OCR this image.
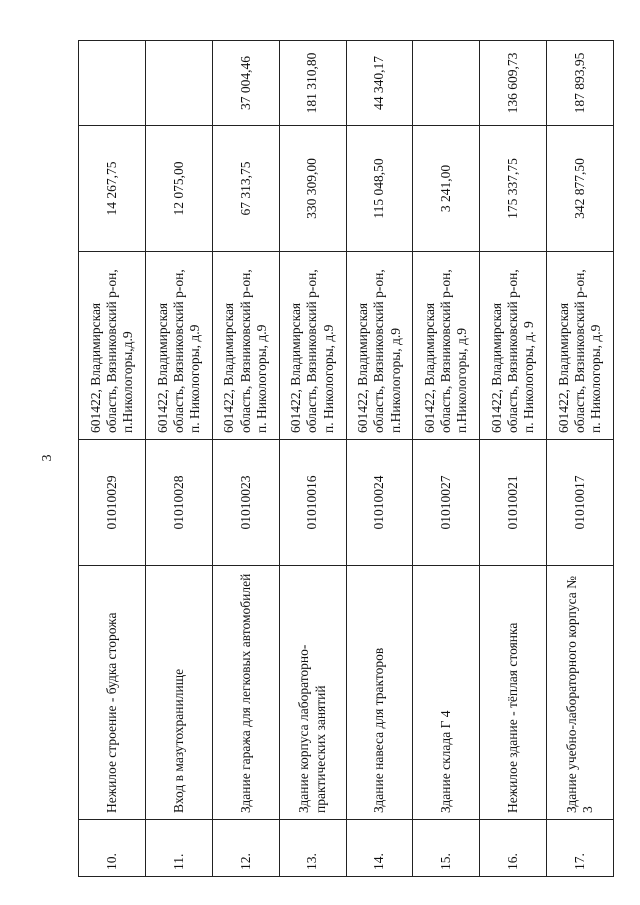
3
10.	Нежилое строение - будка сторожа	01010029	601422, Владимирская область, Вязниковский р-он, п.Никологоры,д.9	14 267,75	
11.	Вход в мазутохранилище	01010028	601422, Владимирская область, Вязниковский р-он, п. Никологоры, д.9	12 075,00	
12.	Здание гаража для легковых автомобилей	01010023	601422, Владимирская область, Вязниковский р-он, п. Никологоры, д.9	67 313,75	37 004,46
13.	Здание корпуса лабораторно-практических занятий	01010016	601422, Владимирская область, Вязниковский р-он, п. Никологоры, д.9	330 309,00	181 310,80
14.	Здание навеса для тракторов	01010024	601422, Владимирская область, Вязниковский р-он, п.Никологоры, д.9	115 048,50	44 340,17
15.	Здание склада Г 4	01010027	601422, Владимирская область, Вязниковский р-он, п.Никологоры, д.9	3 241,00	
16.	Нежилое здание - тёплая стоянка	01010021	601422, Владимирская область, Вязниковский р-он, п. Никологоры, д. 9	175 337,75	136 609,73
17.	Здание учебно-лабораторного корпуса № 3	01010017	601422, Владимирская область, Вязниковский р-он, п. Никологоры, д.9	342 877,50	187 893,95
